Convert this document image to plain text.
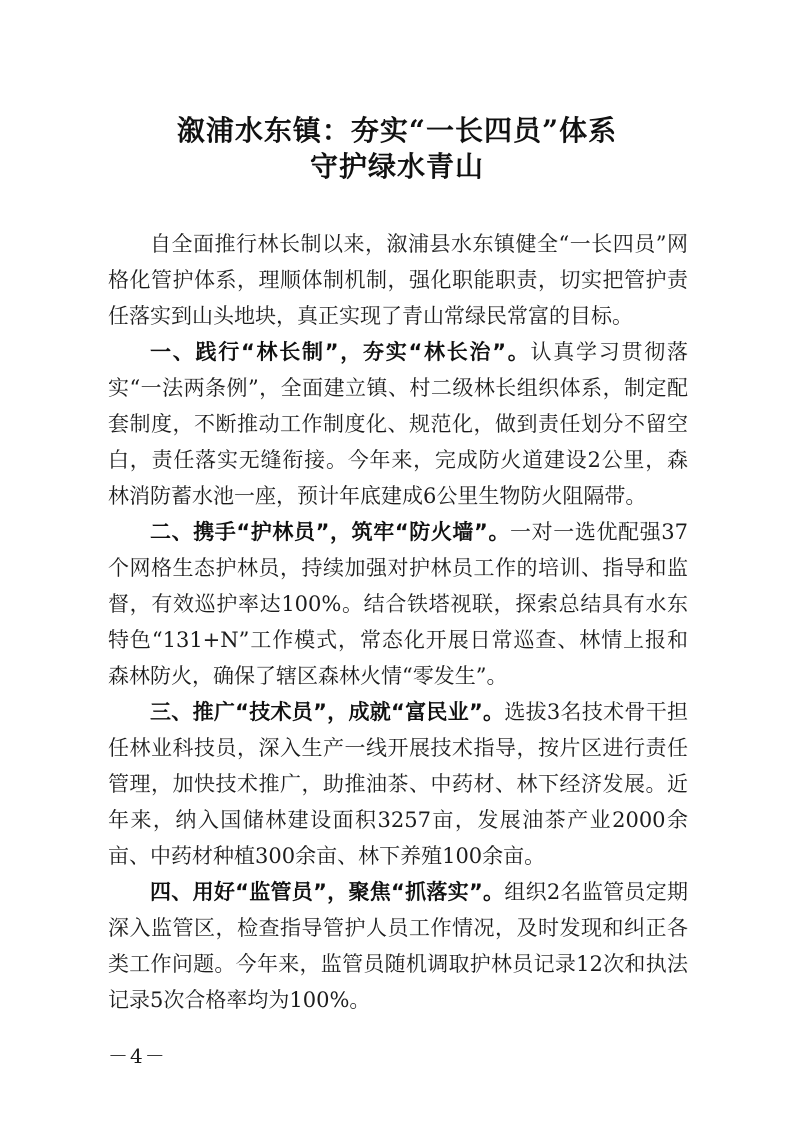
溆浦水东镇：夯实“一长四员”体系
守护绿水青山

自全面推行林长制以来，溆浦县水东镇健全“一长四员”网格化管护体系，理顺体制机制，强化职能职责，切实把管护责任落实到山头地块，真正实现了青山常绿民常富的目标。

一、践行“林长制”，夯实“林长治”。认真学习贯彻落实“一法两条例”，全面建立镇、村二级林长组织体系，制定配套制度，不断推动工作制度化、规范化，做到责任划分不留空白，责任落实无缝衔接。今年来，完成防火道建设2公里，森林消防蓄水池一座，预计年底建成6公里生物防火阻隔带。

二、携手“护林员”，筑牢“防火墙”。一对一选优配强37个网格生态护林员，持续加强对护林员工作的培训、指导和监督，有效巡护率达100%。结合铁塔视联，探索总结具有水东特色“131+N”工作模式，常态化开展日常巡查、林情上报和森林防火，确保了辖区森林火情“零发生”。

三、推广“技术员”，成就“富民业”。选拔3名技术骨干担任林业科技员，深入生产一线开展技术指导，按片区进行责任管理，加快技术推广，助推油茶、中药材、林下经济发展。近年来，纳入国储林建设面积3257亩，发展油茶产业2000余亩、中药材种植300余亩、林下养殖100余亩。

四、用好“监管员”，聚焦“抓落实”。组织2名监管员定期深入监管区，检查指导管护人员工作情况，及时发现和纠正各类工作问题。今年来，监管员随机调取护林员记录12次和执法记录5次合格率均为100%。

－4－
